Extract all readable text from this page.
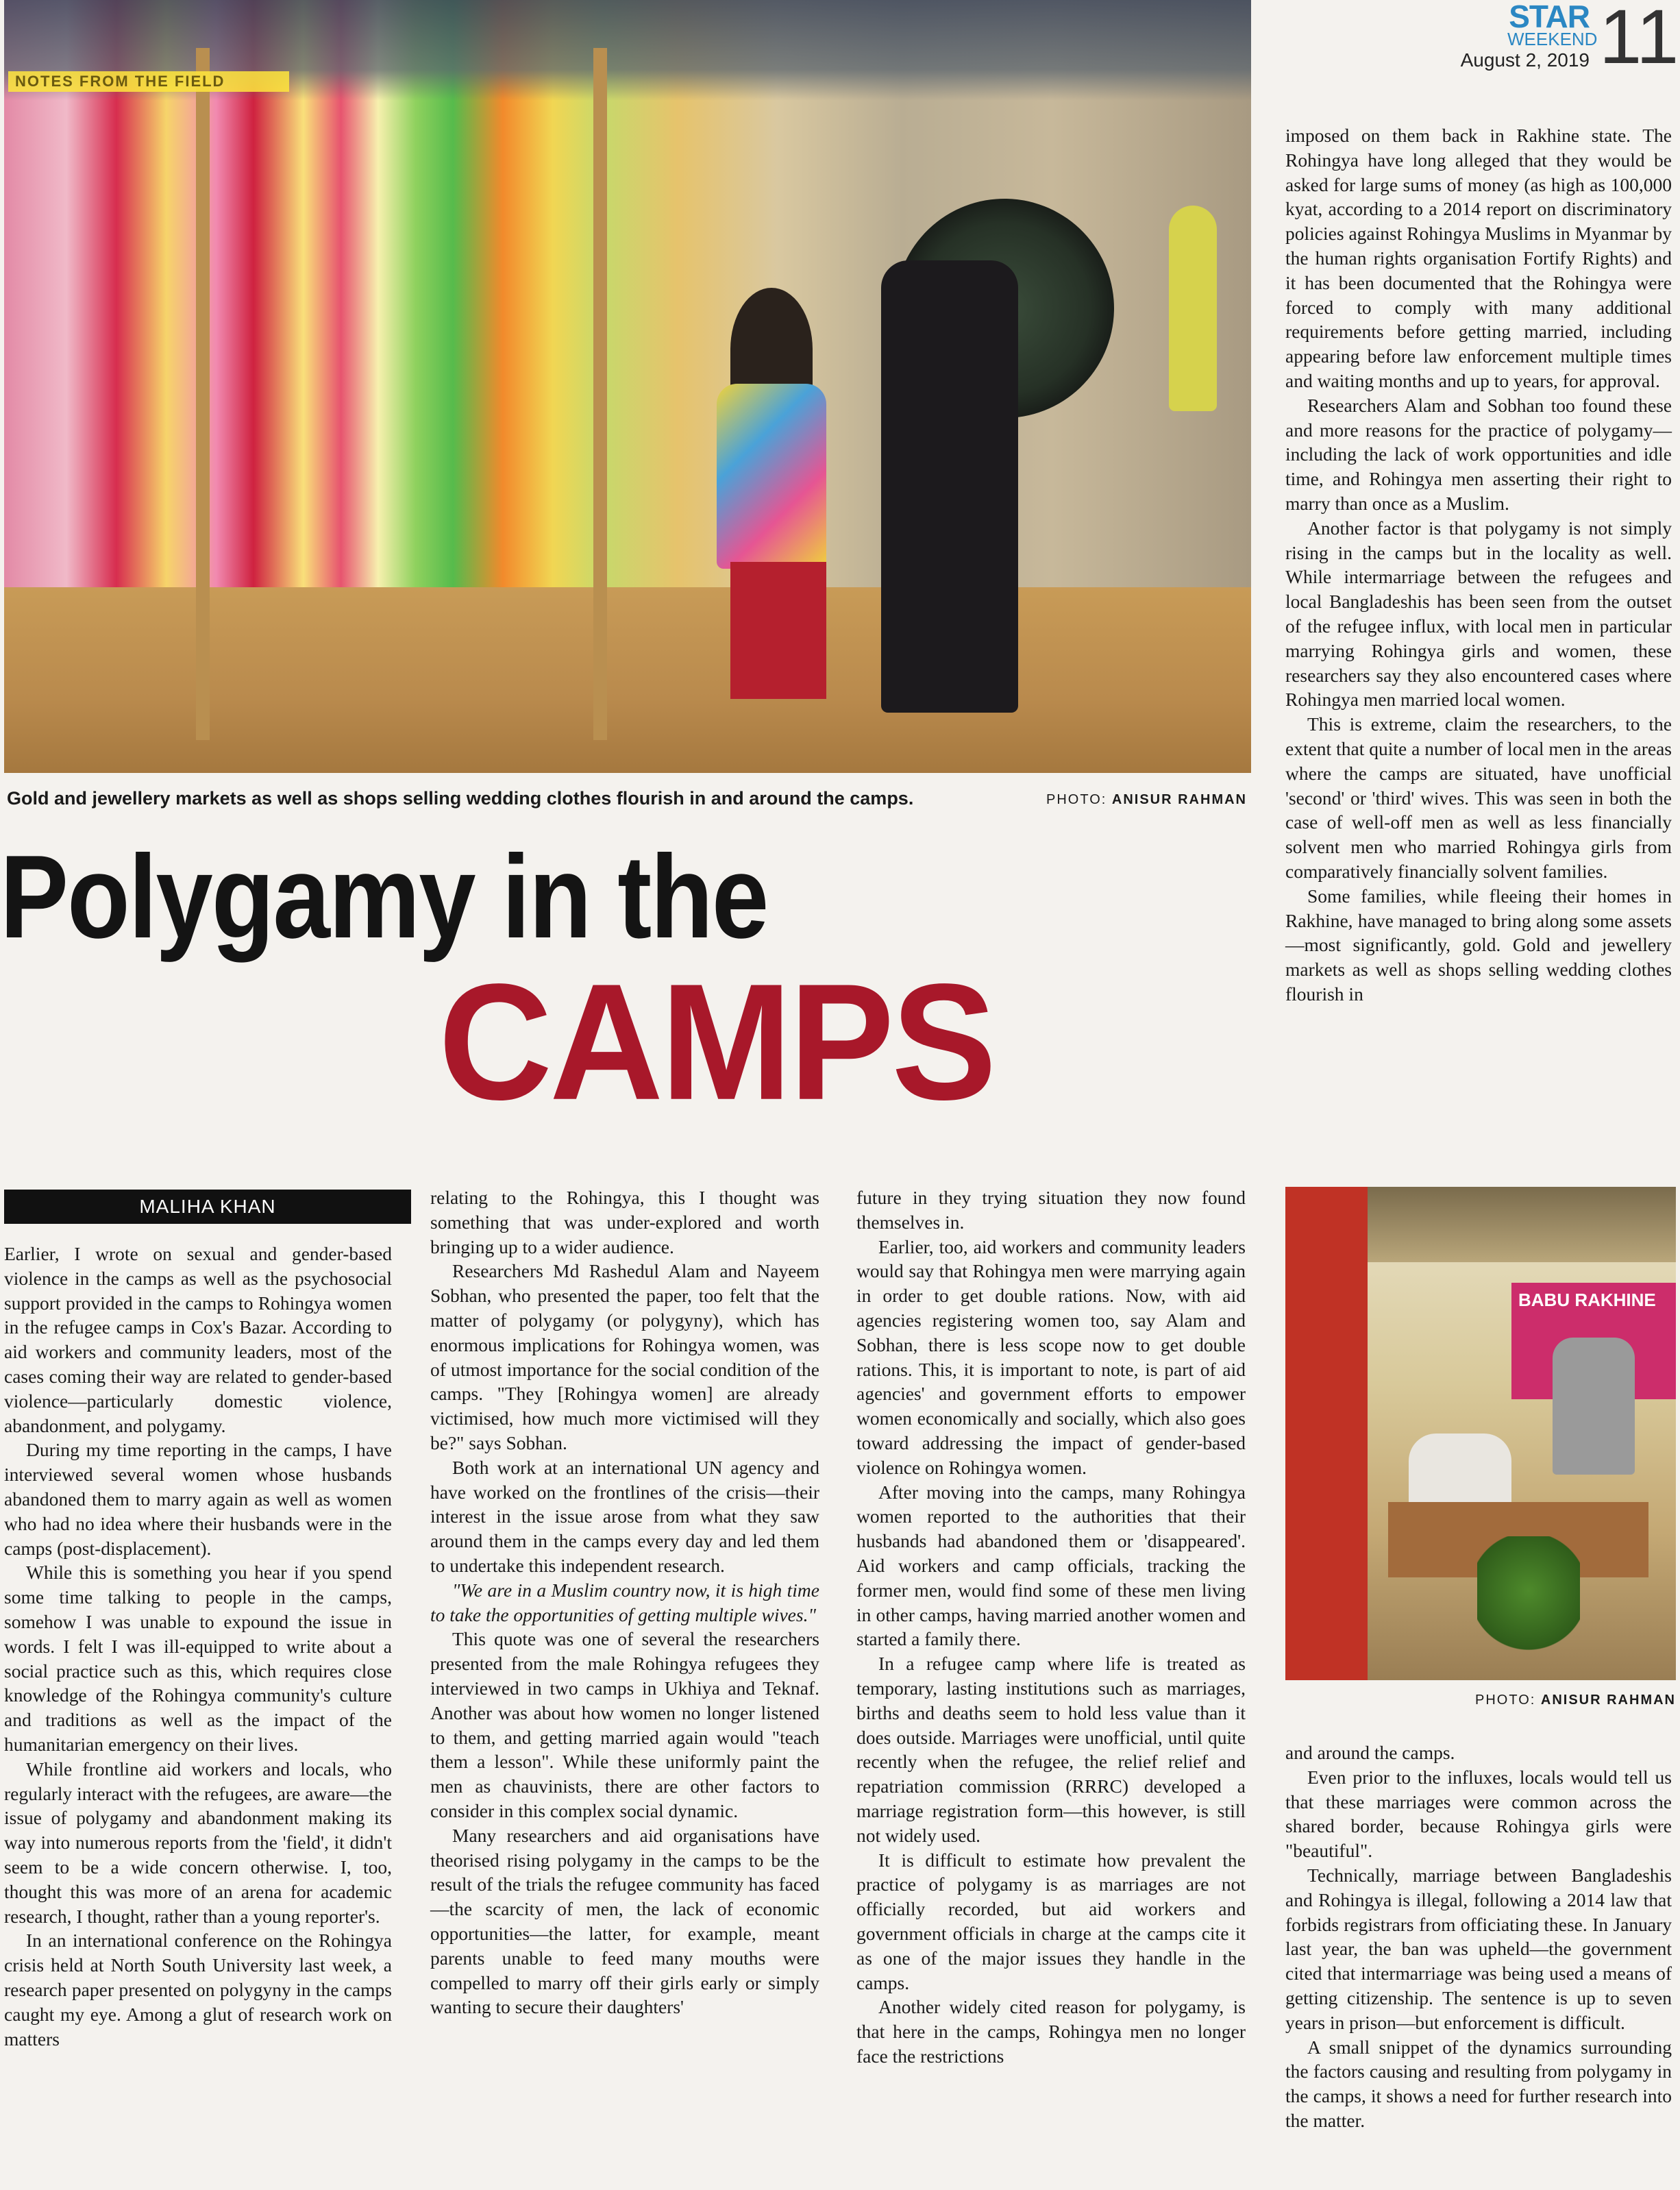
NOTES FROM THE FIELD
STAR
WEEKEND
August 2, 2019 11
Gold and jewellery markets as well as shops selling wedding clothes flourish in and around the camps.	PHOTO: ANISUR RAHMAN
Polygamy in the
CAMPS
MALIHA KHAN

Earlier, I wrote on sexual and gender-based violence in the camps as well as the psychosocial support provided in the camps to Rohingya women in the refugee camps in Cox's Bazar. According to aid workers and community leaders, most of the cases coming their way are related to gender-based violence—particularly domestic violence, abandonment, and polygamy.

During my time reporting in the camps, I have interviewed several women whose husbands abandoned them to marry again as well as women who had no idea where their husbands were in the camps (post-displacement).

While this is something you hear if you spend some time talking to people in the camps, somehow I was unable to expound the issue in words. I felt I was ill-equipped to write about a social practice such as this, which requires close knowledge of the Rohingya community's culture and traditions as well as the impact of the humanitarian emergency on their lives.

While frontline aid workers and locals, who regularly interact with the refugees, are aware—the issue of polygamy and abandonment making its way into numerous reports from the 'field', it didn't seem to be a wide concern otherwise. I, too, thought this was more of an arena for academic research, I thought, rather than a young reporter's.

In an international conference on the Rohingya crisis held at North South University last week, a research paper presented on polygyny in the camps caught my eye. Among a glut of research work on matters

relating to the Rohingya, this I thought was something that was under-explored and worth bringing up to a wider audience.

Researchers Md Rashedul Alam and Nayeem Sobhan, who presented the paper, too felt that the matter of polygamy (or polygyny), which has enormous implications for Rohingya women, was of utmost importance for the social condition of the camps. "They [Rohingya women] are already victimised, how much more victimised will they be?" says Sobhan.

Both work at an international UN agency and have worked on the frontlines of the crisis—their interest in the issue arose from what they saw around them in the camps every day and led them to undertake this independent research.

"We are in a Muslim country now, it is high time to take the opportunities of getting multiple wives."

This quote was one of several the researchers presented from the male Rohingya refugees they interviewed in two camps in Ukhiya and Teknaf. Another was about how women no longer listened to them, and getting married again would "teach them a lesson". While these uniformly paint the men as chauvinists, there are other factors to consider in this complex social dynamic.

Many researchers and aid organisations have theorised rising polygamy in the camps to be the result of the trials the refugee community has faced—the scarcity of men, the lack of economic opportunities—the latter, for example, meant parents unable to feed many mouths were compelled to marry off their girls early or simply wanting to secure their daughters'

future in they trying situation they now found themselves in.

Earlier, too, aid workers and community leaders would say that Rohingya men were marrying again in order to get double rations. Now, with aid agencies registering women too, say Alam and Sobhan, there is less scope now to get double rations. This, it is important to note, is part of aid agencies' and government efforts to empower women economically and socially, which also goes toward addressing the impact of gender-based violence on Rohingya women.

After moving into the camps, many Rohingya women reported to the authorities that their husbands had abandoned them or 'disappeared'. Aid workers and camp officials, tracking the former men, would find some of these men living in other camps, having married another women and started a family there.

In a refugee camp where life is treated as temporary, lasting institutions such as marriages, births and deaths seem to hold less value than it does outside. Marriages were unofficial, until quite recently when the refugee, the relief relief and repatriation commission (RRRC) developed a marriage registration form—this however, is still not widely used.

It is difficult to estimate how prevalent the practice of polygamy is as marriages are not officially recorded, but aid workers and government officials in charge at the camps cite it as one of the major issues they handle in the camps.

Another widely cited reason for polygamy, is that here in the camps, Rohingya men no longer face the restrictions

imposed on them back in Rakhine state. The Rohingya have long alleged that they would be asked for large sums of money (as high as 100,000 kyat, according to a 2014 report on discriminatory policies against Rohingya Muslims in Myanmar by the human rights organisation Fortify Rights) and it has been documented that the Rohingya were forced to comply with many additional requirements before getting married, including appearing before law enforcement multiple times and waiting months and up to years, for approval.

Researchers Alam and Sobhan too found these and more reasons for the practice of polygamy—including the lack of work opportunities and idle time, and Rohingya men asserting their right to marry than once as a Muslim.

Another factor is that polygamy is not simply rising in the camps but in the locality as well. While intermarriage between the refugees and local Bangladeshis has been seen from the outset of the refugee influx, with local men in particular marrying Rohingya girls and women, these researchers say they also encountered cases where Rohingya men married local women.

This is extreme, claim the researchers, to the extent that quite a number of local men in the areas where the camps are situated, have unofficial 'second' or 'third' wives. This was seen in both the case of well-off men as well as less financially solvent men who married Rohingya girls from comparatively financially solvent families.

Some families, while fleeing their homes in Rakhine, have managed to bring along some assets—most significantly, gold. Gold and jewellery markets as well as shops selling wedding clothes flourish in

BABU RAKHINE
PHOTO: ANISUR RAHMAN

and around the camps.

Even prior to the influxes, locals would tell us that these marriages were common across the shared border, because Rohingya girls were "beautiful".

Technically, marriage between Bangladeshis and Rohingya is illegal, following a 2014 law that forbids registrars from officiating these. In January last year, the ban was upheld—the government cited that intermarriage was being used a means of getting citizenship. The sentence is up to seven years in prison—but enforcement is difficult.

A small snippet of the dynamics surrounding the factors causing and resulting from polygamy in the camps, it shows a need for further research into the matter.
